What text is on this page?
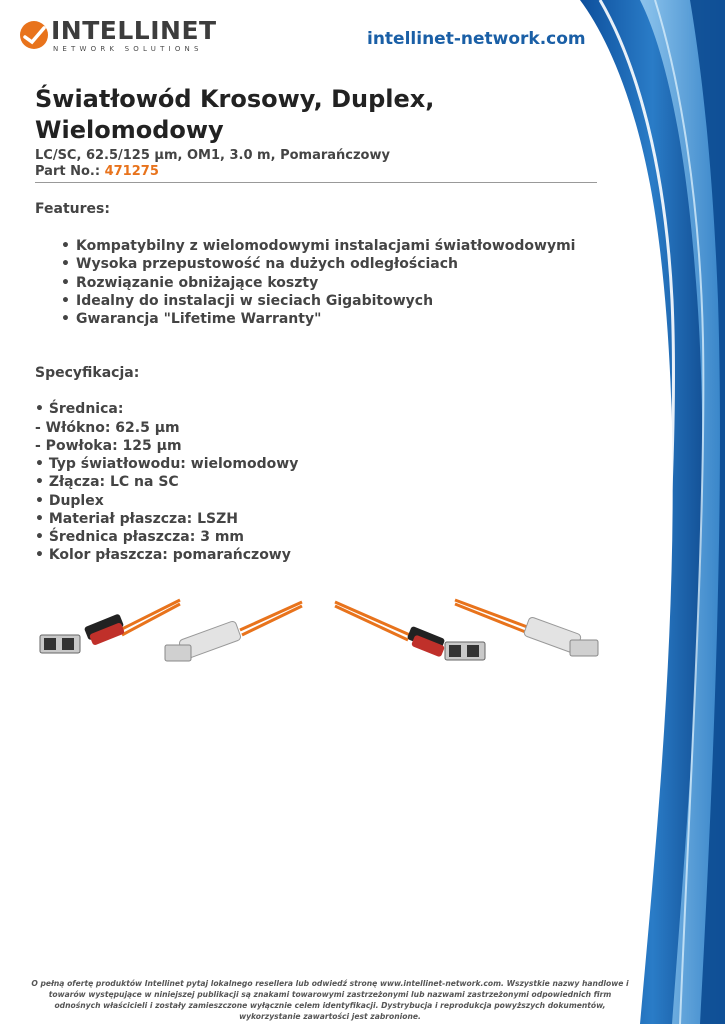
INTELLINET
NETWORK SOLUTIONS	intellinet-network.com
Światłowód Krosowy, Duplex, Wielomodowy
LC/SC, 62.5/125 µm, OM1, 3.0 m, Pomarańczowy
Part No.: 471275
Features:
• Kompatybilny z wielomodowymi instalacjami światłowodowymi
• Wysoka przepustowość na dużych odległościach
• Rozwiązanie obniżające koszty
• Idealny do instalacji w sieciach Gigabitowych
• Gwarancja "Lifetime Warranty"
Specyfikacja:
• Średnica:
- Włókno: 62.5 µm
- Powłoka: 125 µm
• Typ światłowodu: wielomodowy
• Złącza: LC na SC
• Duplex
• Materiał płaszcza: LSZH
• Średnica płaszcza: 3 mm
• Kolor płaszcza: pomarańczowy
O pełną ofertę produktów Intellinet pytaj lokalnego resellera lub odwiedź stronę www.intellinet-network.com. Wszystkie nazwy handlowe i towarów występujące w niniejszej publikacji są znakami towarowymi zastrzeżonymi lub nazwami zastrzeżonymi odpowiednich firm odnośnych właścicieli i zostały zamieszczone wyłącznie celem identyfikacji. Dystrybucja i reprodukcja powyższych dokumentów, wykorzystanie zawartości jest zabronione.
